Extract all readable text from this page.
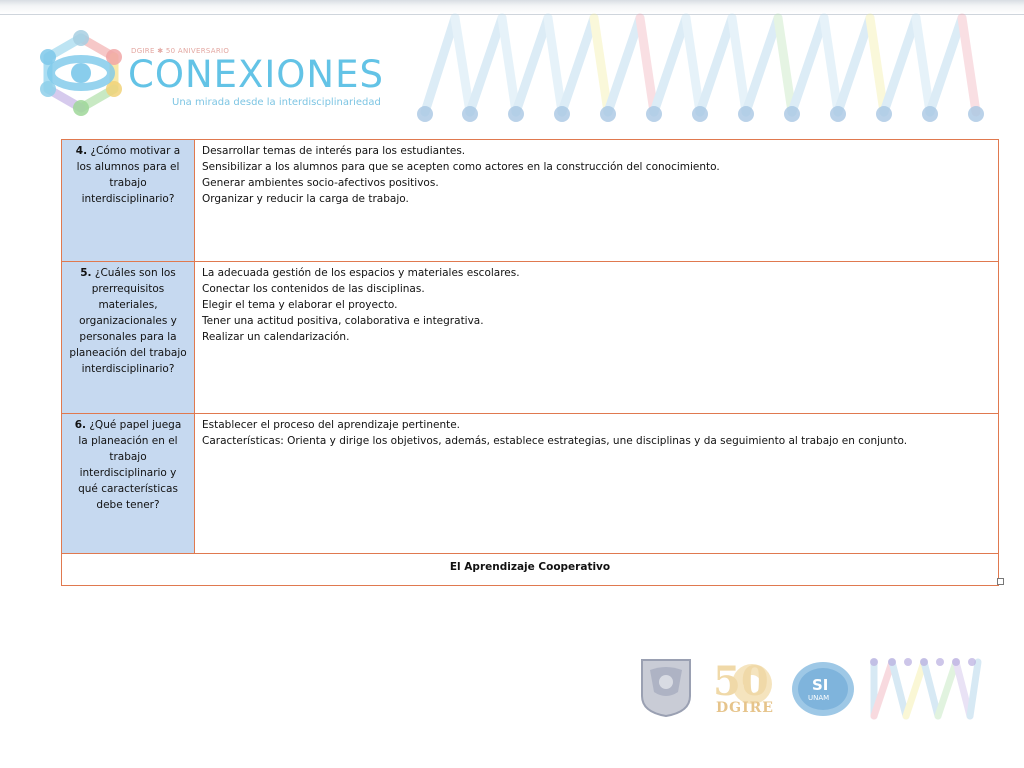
DGIRE ✱ 50 ANIVERSARIO
CONEXIONES
Una mirada desde la interdisciplinariedad
4. ¿Cómo motivar a los alumnos para el trabajo interdisciplinario?	Desarrollar temas de interés para los estudiantes.
Sensibilizar a los alumnos para que se acepten como actores en la construcción del conocimiento.
Generar ambientes socio-afectivos positivos.
Organizar y reducir la carga de trabajo.

5. ¿Cuáles son los prerrequisitos materiales, organizacionales y personales para la planeación del trabajo interdisciplinario?	La adecuada gestión de los espacios y materiales escolares.
Conectar los contenidos de las disciplinas.
Elegir el tema y elaborar el proyecto.
Tener una actitud positiva, colaborativa e integrativa.
Realizar un calendarización.

6. ¿Qué papel juega la planeación en el trabajo interdisciplinario y qué características debe tener?	Establecer el proceso del aprendizaje pertinente.
Características: Orienta y dirige los objetivos, además, establece estrategias, une disciplinas y da seguimiento al trabajo en conjunto.

El Aprendizaje Cooperativo	
50
DGIRE
SI
UNAM
